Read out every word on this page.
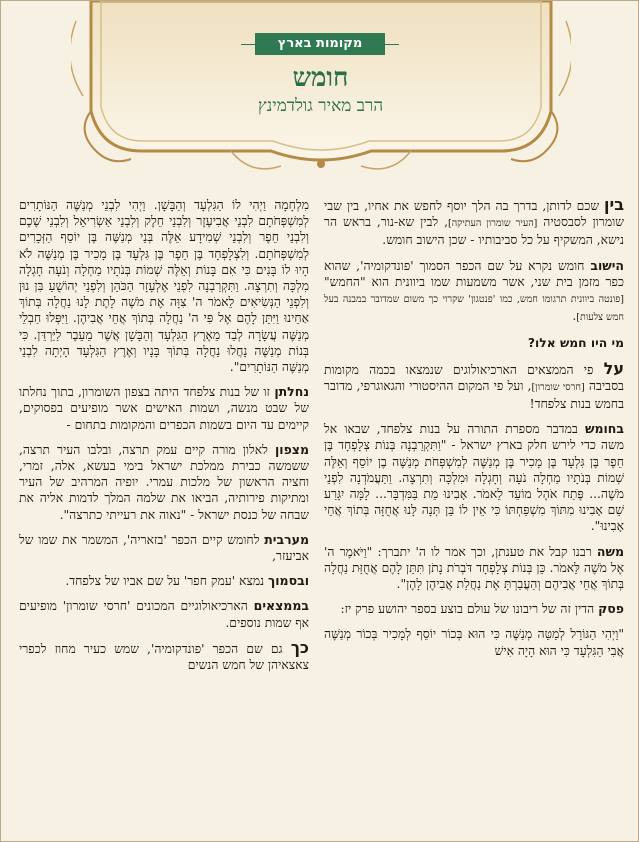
מקומות בארץ
חומש
הרב מאיר גולדמינץ

בין שכם לדותן, בדרך בה הלך יוסף לחפש את אחיו, בין שבי שומרון לסבסטיה [העיר שומרון העתיקה], לבין שא-נור, בראש הר נישא, המשקיף על כל סביבותיו - שכן הישוב חומש.

הישוב חומש נקרא על שם הכפר הסמוך 'פונדקומיה', שהוא כפר מזמן בית שני, אשר משמעות שמו ביוונית הוא "החמש" [פונטה ביוונית תרגומו חמש, כמו 'פנטגון' שקרוי כך משום שמדובר במבנה בעל חמש צלעות].

מי היו חמש אלו?

על פי הממצאים הארכיאולוגים שנמצאו בכמה מקומות בסביבה [חרסי שומרון], ועל פי המקום ההיסטורי והגאוגרפי, מדובר בחמש בנות צלפחד!

בחומש במדבר מספרת התורה על בנות צלפחד, שבאו אל משה כדי לירש חלק בארץ ישראל - "וַתִּקְרַבְנָה בְּנוֹת צְלָפְחָד בֶּן חֵפֶר בֶּן גִּלְעָד בֶּן מָכִיר בֶּן מְנַשֶּׁה לְמִשְׁפְּחֹת מְנַשֶּׁה בֶן יוֹסֵף וְאֵלֶּה שְׁמוֹת בְּנֹתָיו מַחְלָה נֹעָה וְחָגְלָה וּמִלְכָּה וְתִרְצָה. וַתַּעֲמֹדְנָה לִפְנֵי מֹשֶׁה... פֶּתַח אֹהֶל מוֹעֵד לֵאמֹר. אָבִינוּ מֵת בַּמִּדְבָּר... לָמָּה יִגָּרַע שֵׁם אָבִינוּ מִתּוֹךְ מִשְׁפַּחְתּוֹ כִּי אֵין לוֹ בֵּן תְּנָה לָּנוּ אֲחֻזָּה בְּתוֹךְ אֲחֵי אָבִינוּ".

משה רבנו קבל את טענתן, וכך אמר לו ה' יתברך: "וַיֹּאמֶר ה' אֶל מֹשֶׁה לֵּאמֹר. כֵּן בְּנוֹת צְלָפְחָד דֹּבְרֹת נָתֹן תִּתֵּן לָהֶם אֲחֻזַּת נַחֲלָה בְּתוֹךְ אֲחֵי אֲבִיהֶם וְהַעֲבַרְתָּ אֶת נַחֲלַת אֲבִיהֶן לָהֶן".

פסק הדין זה של ריבונו של עולם בוצע בספר יהושע פרק יז:

"וַיְהִי הַגּוֹרָל לְמַטֵּה מְנַשֶּׁה כִּי הוּא בְּכוֹר יוֹסֵף לְמָכִיר בְּכוֹר מְנַשֶּׁה אֲבִי הַגִּלְעָד כִּי הוּא הָיָה אִישׁ

מִלְחָמָה וַיְהִי לוֹ הַגִּלְעָד וְהַבָּשָׁן. וַיְהִי לִבְנֵי מְנַשֶּׁה הַנּוֹתָרִים לְמִשְׁפְּחֹתָם לִבְנֵי אֲבִיעֶזֶר וְלִבְנֵי חֵלֶק וְלִבְנֵי אַשְׂרִיאֵל וְלִבְנֵי שֶׁכֶם וְלִבְנֵי חֵפֶר וְלִבְנֵי שְׁמִידָע אֵלֶּה בְּנֵי מְנַשֶּׁה בֶּן יוֹסֵף הַזְּכָרִים לְמִשְׁפְּחֹתָם. וְלִצְלָפְחָד בֶּן חֵפֶר בֶּן גִּלְעָד בֶּן מָכִיר בֶּן מְנַשֶּׁה לֹא הָיוּ לוֹ בָּנִים כִּי אִם בָּנוֹת וְאֵלֶּה שְׁמוֹת בְּנֹתָיו מַחְלָה וְנֹעָה חָגְלָה מִלְכָּה וְתִרְצָה. וַתִּקְרַבְנָה לִפְנֵי אֶלְעָזָר הַכֹּהֵן וְלִפְנֵי יְהוֹשֻׁעַ בִּן נוּן וְלִפְנֵי הַנְּשִׂיאִים לֵאמֹר ה' צִוָּה אֶת מֹשֶׁה לָתֶת לָנוּ נַחֲלָה בְּתוֹךְ אַחֵינוּ וַיִּתֵּן לָהֶם אֶל פִּי ה' נַחֲלָה בְּתוֹךְ אֲחֵי אֲבִיהֶן. וַיִּפְּלוּ חַבְלֵי מְנַשֶּׁה עֲשָׂרָה לְבַד מֵאֶרֶץ הַגִּלְעָד וְהַבָּשָׁן אֲשֶׁר מֵעֵבֶר לַיַּרְדֵּן. כִּי בְּנוֹת מְנַשֶּׁה נָחֲלוּ נַחֲלָה בְּתוֹךְ בָּנָיו וְאֶרֶץ הַגִּלְעָד הָיְתָה לִבְנֵי מְנַשֶּׁה הַנּוֹתָרִים".

נחלתן זו של בנות צלפחד היתה בצפון השומרון, בתוך נחלתו של שבט מנשה, ושמות האישים אשר מופיעים בפסוקים, קיימים עד היום בשמות הכפרים והמקומות בתחום -

מצפון לאלון מורה קיים עמק תרצה, ובלבו העיר תרצה, ששמשה כבירת ממלכת ישראל בימי בעשא, אלה, זמרי, וחציה הראשון של מלכות עמרי. יופיה המרהיב של העיר ומתיקות פירותיה, הביאו את שלמה המלך לדמות אליה את שבחה של כנסת ישראל - "נאוה את רעייתי כתרצה".

מערבית לחומש קיים הכפר 'בזאריה', המשמר את שמו של אביעזר,

ובסמוך נמצא 'עמק חפר' על שם אביו של צלפחד.

בממצאים הארכיאולוגיים המכונים 'חרסי שומרון' מופיעים אף שמות נוספים.

כך גם שם הכפר 'פונדקומיה', שמש כעיר מחוז לכפרי צאצאיהן של חמש הנשים
